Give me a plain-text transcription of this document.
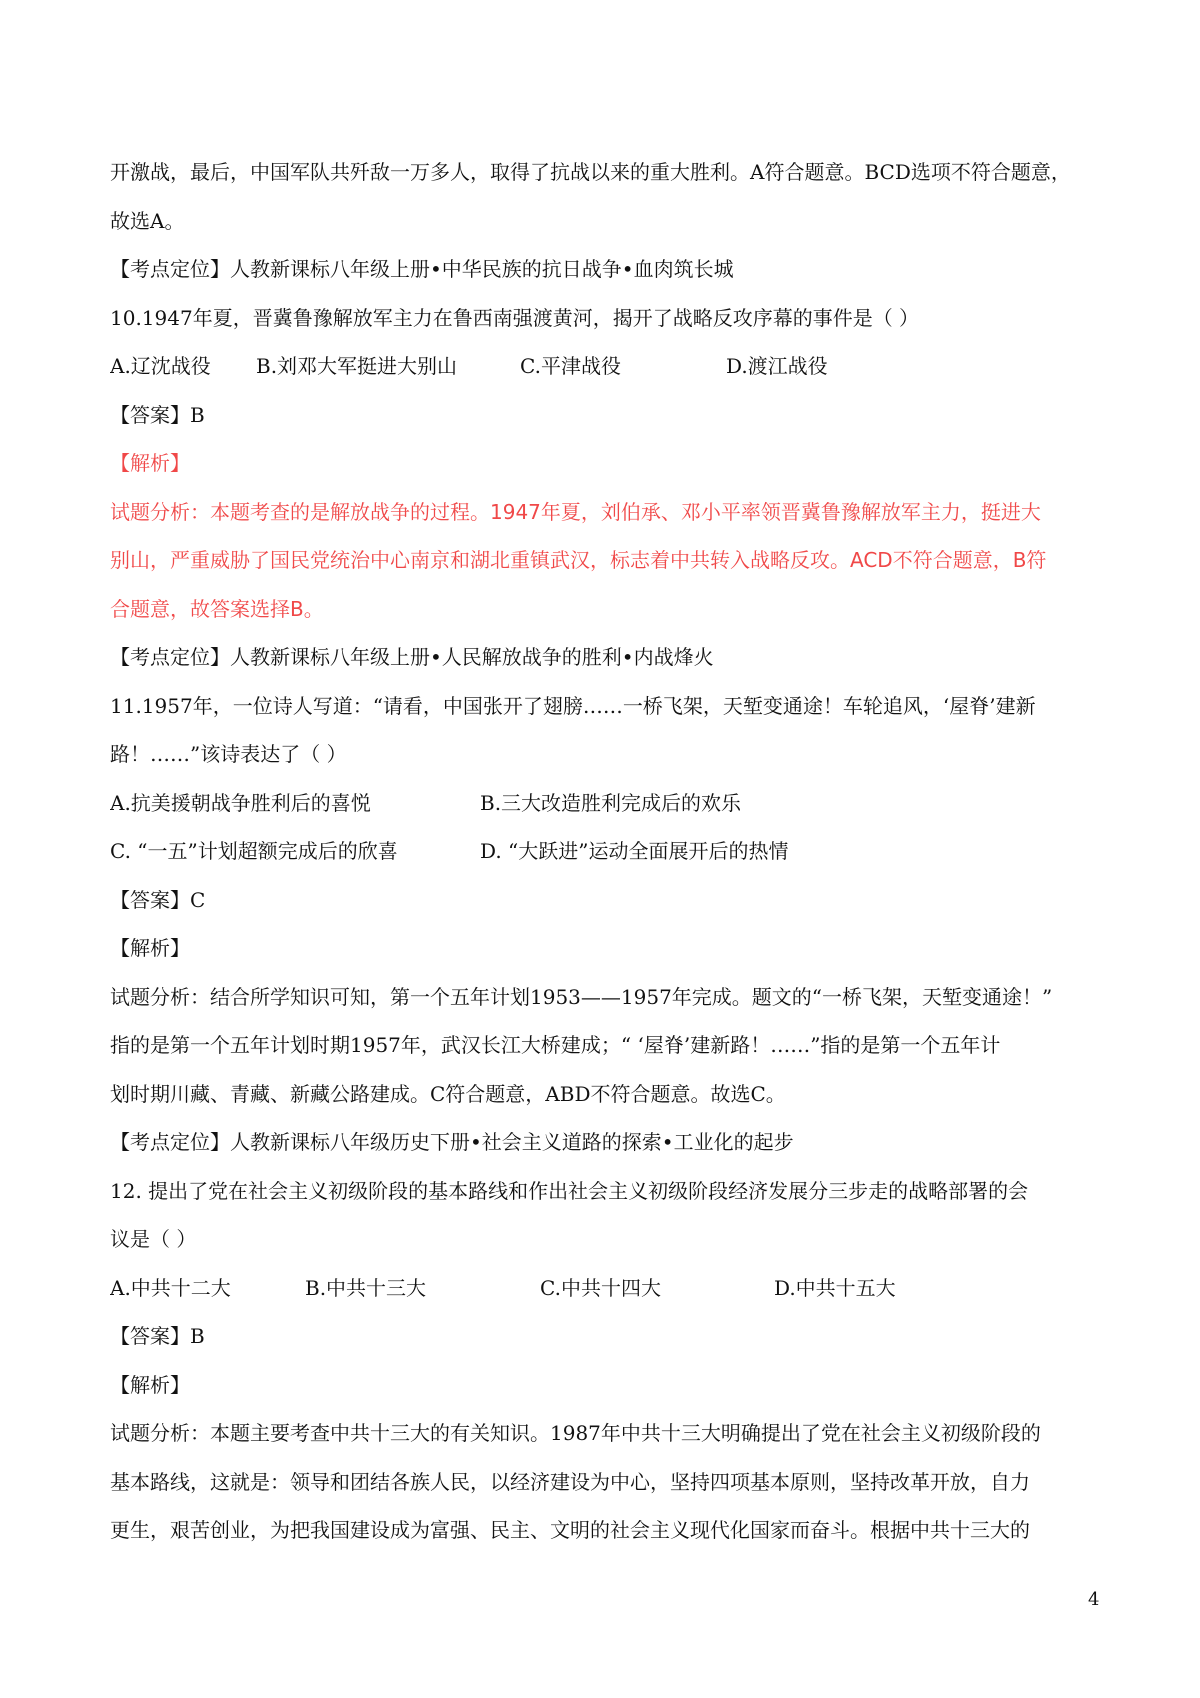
开激战，最后，中国军队共歼敌一万多人，取得了抗战以来的重大胜利。A符合题意。BCD选项不符合题意，
故选A。
【考点定位】人教新课标八年级上册•中华民族的抗日战争•血肉筑长城
10.1947年夏，晋冀鲁豫解放军主力在鲁西南强渡黄河，揭开了战略反攻序幕的事件是（ ）
A.辽沈战役 B.刘邓大军挺进大别山	C.平津战役	D.渡江战役
【答案】B
【解析】
试题分析：本题考查的是解放战争的过程。1947年夏，刘伯承、邓小平率领晋冀鲁豫解放军主力，挺进大
别山，严重威胁了国民党统治中心南京和湖北重镇武汉，标志着中共转入战略反攻。ACD不符合题意，B符
合题意，故答案选择B。
【考点定位】人教新课标八年级上册•人民解放战争的胜利•内战烽火
11.1957年，一位诗人写道：“请看，中国张开了翅膀……一桥飞架，天堑变通途！车轮追风，‘屋脊’建新
路！……”该诗表达了（ ）
A.抗美援朝战争胜利后的喜悦	B.三大改造胜利完成后的欢乐
C. “一五”计划超额完成后的欣喜	D. “大跃进”运动全面展开后的热情
【答案】C
【解析】
试题分析：结合所学知识可知，第一个五年计划1953——1957年完成。题文的“一桥飞架，天堑变通途！”
指的是第一个五年计划时期1957年，武汉长江大桥建成；“ ‘屋脊’建新路！……”指的是第一个五年计
划时期川藏、青藏、新藏公路建成。C符合题意，ABD不符合题意。故选C。
【考点定位】人教新课标八年级历史下册•社会主义道路的探索•工业化的起步
12. 提出了党在社会主义初级阶段的基本路线和作出社会主义初级阶段经济发展分三步走的战略部署的会
议是（ ）
A.中共十二大	B.中共十三大	C.中共十四大	D.中共十五大
【答案】B
【解析】
试题分析：本题主要考查中共十三大的有关知识。1987年中共十三大明确提出了党在社会主义初级阶段的
基本路线，这就是：领导和团结各族人民，以经济建设为中心，坚持四项基本原则，坚持改革开放，自力
更生，艰苦创业，为把我国建设成为富强、民主、文明的社会主义现代化国家而奋斗。根据中共十三大的
4
